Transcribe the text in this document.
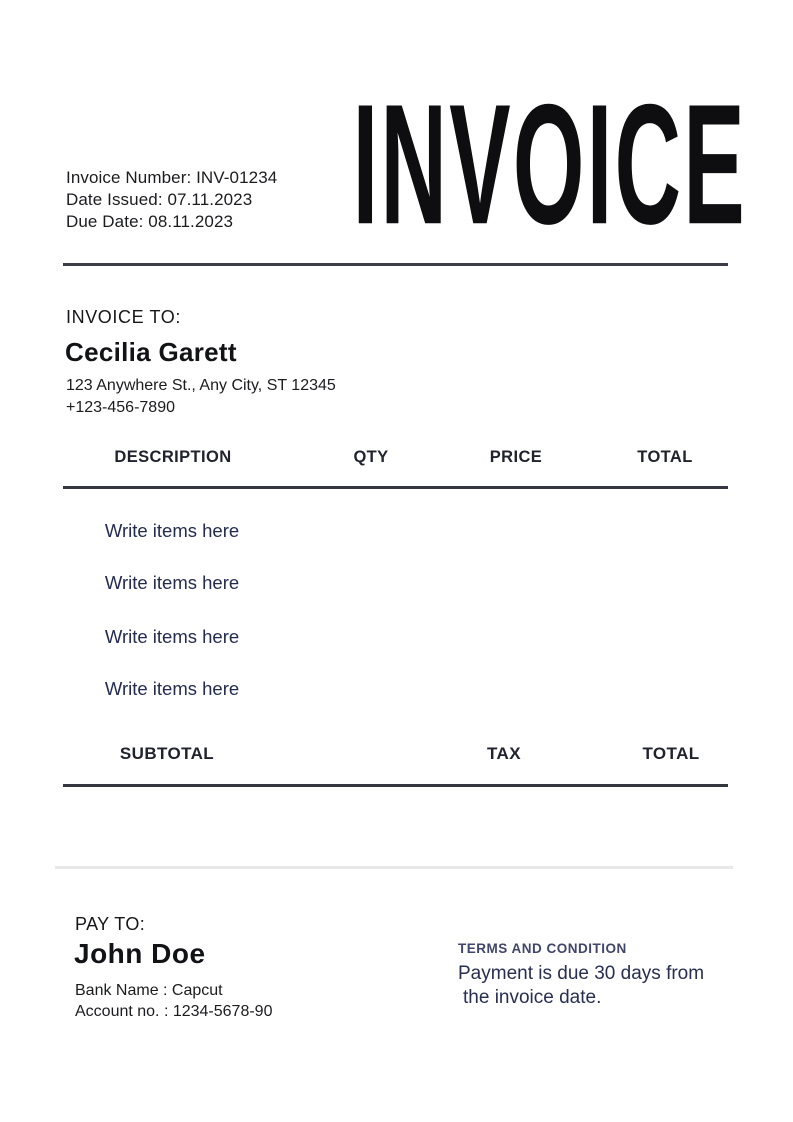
Invoice Number: INV-01234
Date Issued: 07.11.2023
Due Date: 08.11.2023	INVOICE
INVOICE TO:
Cecilia Garett
123 Anywhere St., Any City, ST 12345
+123-456-7890
DESCRIPTION	QTY	PRICE	TOTAL
Write items here
Write items here
Write items here
Write items here
SUBTOTAL	TAX	TOTAL
PAY TO:
John Doe
Bank Name : Capcut
Account no. : 1234-5678-90
TERMS AND CONDITION
Payment is due 30 days from
the invoice date.
